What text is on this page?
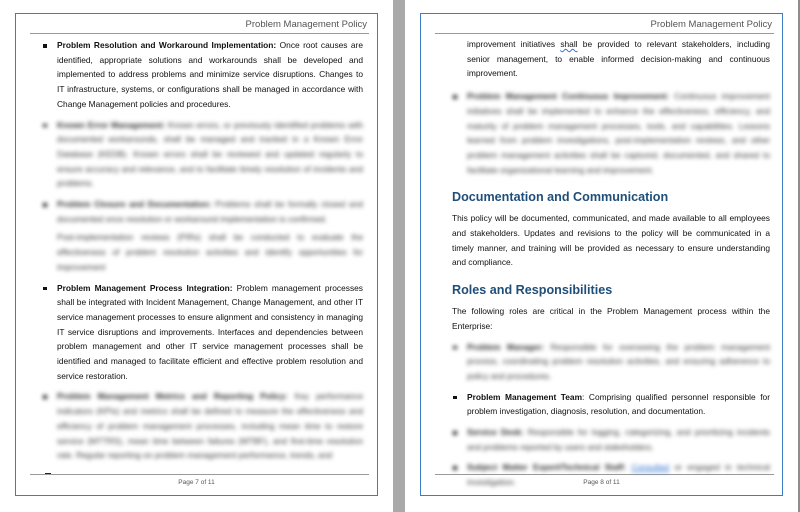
Problem Management Policy
Page 7 of 11
Problem Resolution and Workaround Implementation: Once root causes are identified, appropriate solutions and workarounds shall be developed and implemented to address problems and minimize service disruptions. Changes to IT infrastructure, systems, or configurations shall be managed in accordance with Change Management policies and procedures.
Known Error Management: Known errors, or previously identified problems with documented workarounds, shall be managed and tracked in a Known Error Database (KEDB). Known errors shall be reviewed and updated regularly to ensure accuracy and relevance, and to facilitate timely resolution of incidents and problems.
Problem Closure and Documentation: Problems shall be formally closed and documented once resolution or workaround implementation is confirmed.
Post-implementation reviews (PIRs) shall be conducted to evaluate the effectiveness of problem resolution activities and identify opportunities for improvement
Problem Management Process Integration: Problem management processes shall be integrated with Incident Management, Change Management, and other IT service management processes to ensure alignment and consistency in managing IT service disruptions and improvements. Interfaces and dependencies between problem management and other IT service management processes shall be identified and managed to facilitate efficient and effective problem resolution and service restoration.
Problem Management Metrics and Reporting Policy: Key performance indicators (KPIs) and metrics shall be defined to measure the effectiveness and efficiency of problem management processes, including mean time to restore service (MTTRS), mean time between failures (MTBF), and first-time resolution rate. Regular reporting on problem management performance, trends, and
Problem Management Policy
Page 8 of 11
improvement initiatives shall be provided to relevant stakeholders, including senior management, to enable informed decision-making and continuous improvement.
Problem Management Continuous Improvement: Continuous improvement initiatives shall be implemented to enhance the effectiveness, efficiency, and maturity of problem management processes, tools, and capabilities. Lessons learned from problem investigations, post-implementation reviews, and other problem management activities shall be captured, documented, and shared to facilitate organizational learning and improvement.
Documentation and Communication
This policy will be documented, communicated, and made available to all employees and stakeholders. Updates and revisions to the policy will be communicated in a timely manner, and training will be provided as necessary to ensure understanding and compliance.
Roles and Responsibilities
The following roles are critical in the Problem Management process within the Enterprise:
Problem Manager: Responsible for overseeing the problem management process, coordinating problem resolution activities, and ensuring adherence to policy and procedures.
Problem Management Team: Comprising qualified personnel responsible for problem investigation, diagnosis, resolution, and documentation.
Service Desk: Responsible for logging, categorizing, and prioritizing incidents and problems reported by users and stakeholders.
Subject Matter Expert/Technical Staff: Consulted or engaged in technical investigation.
